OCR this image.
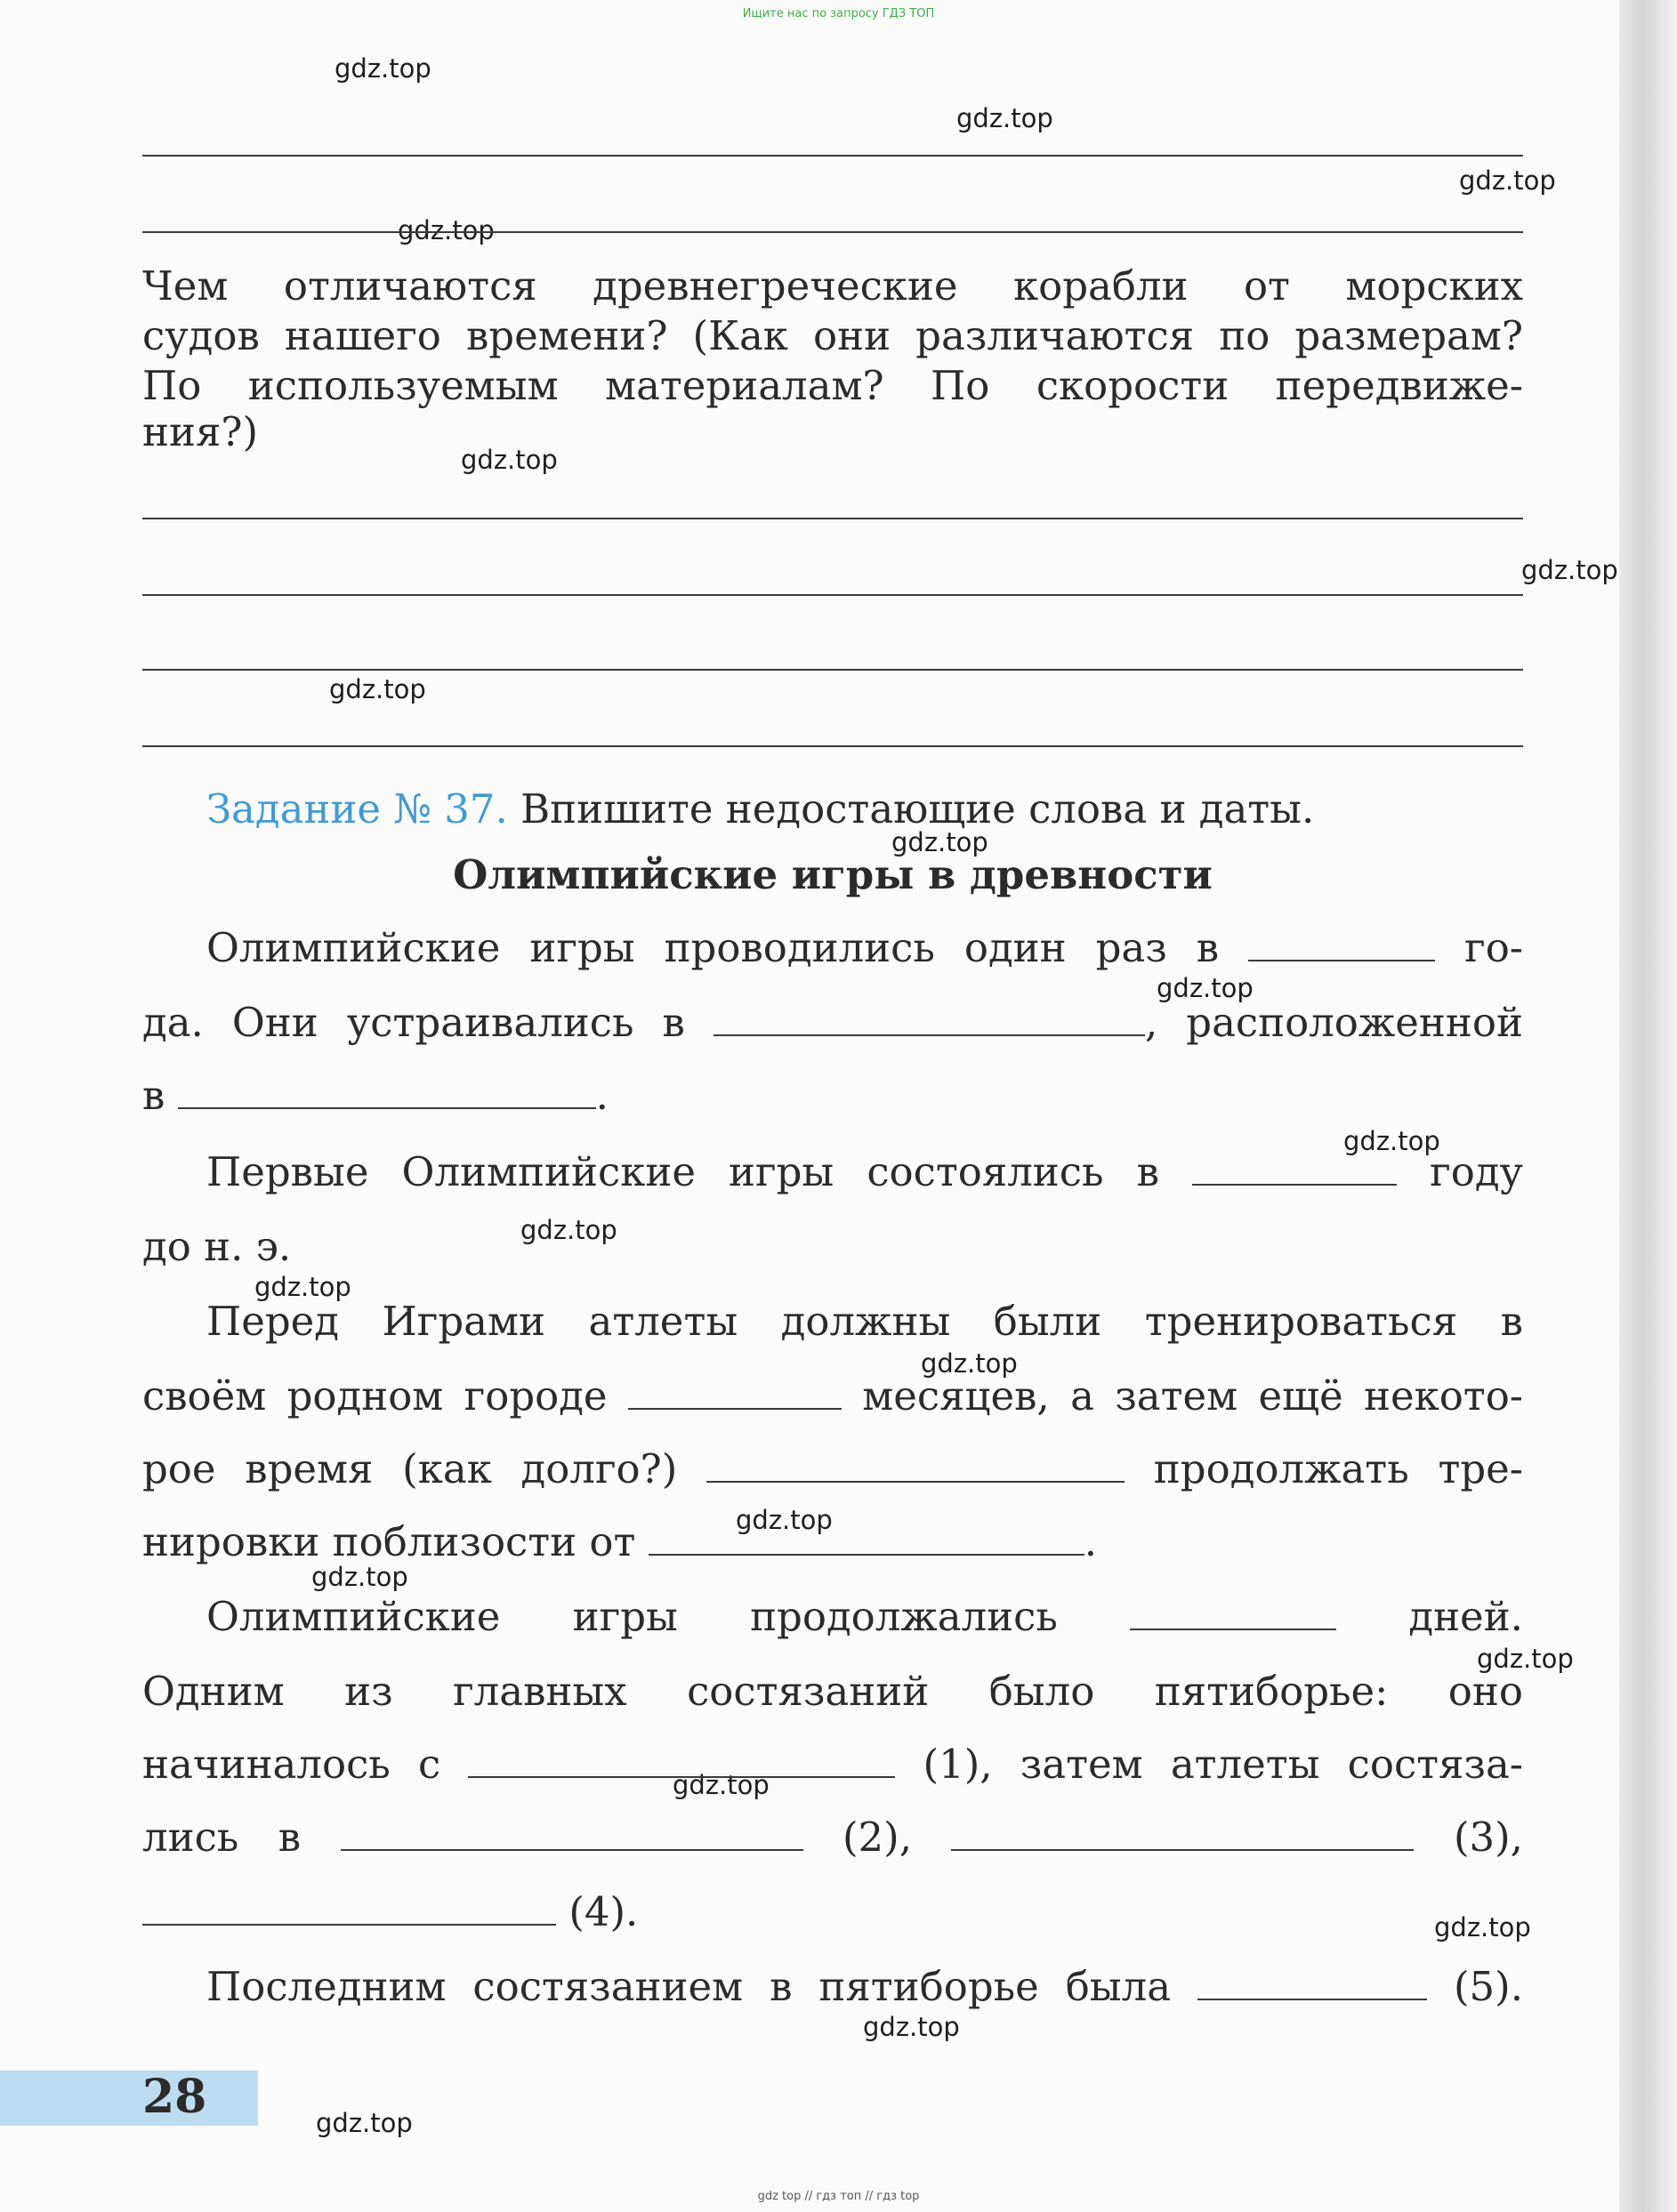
Ищите нас по запросу ГДЗ ТОП
gdz.top
gdz.top
gdz.top
gdz.top
gdz.top
gdz.top
gdz.top
gdz.top
gdz.top
gdz.top
gdz.top
gdz.top
gdz.top
gdz.top
gdz.top
gdz.top
gdz.top
gdz.top
gdz.top
gdz.top
Чем отличаются древнегреческие корабли от морских
судов нашего времени? (Как они различаются по размерам?
По используемым материалам? По скорости передвиже-
ния?)
Задание № 37. Впишите недостающие слова и даты.
Олимпийские игры в древности
Олимпийские игры проводились один раз в	го-
да. Они устраивались в	, расположенной
в	.
Первые Олимпийские игры состоялись в	году
до н. э.
Перед Играми атлеты должны были тренироваться в
своём родном городе	месяцев, а затем ещё некото-
рое время (как долго?)	продолжать тре-
нировки поблизости от	.
Олимпийские игры продолжались	дней.
Одним из главных состязаний было пятиборье: оно
начиналось с	(1), затем атлеты состяза-
лись в	(2),	(3),
(4).
Последним состязанием в пятиборье была	(5).
28
gdz top // гдз топ // гдз top
